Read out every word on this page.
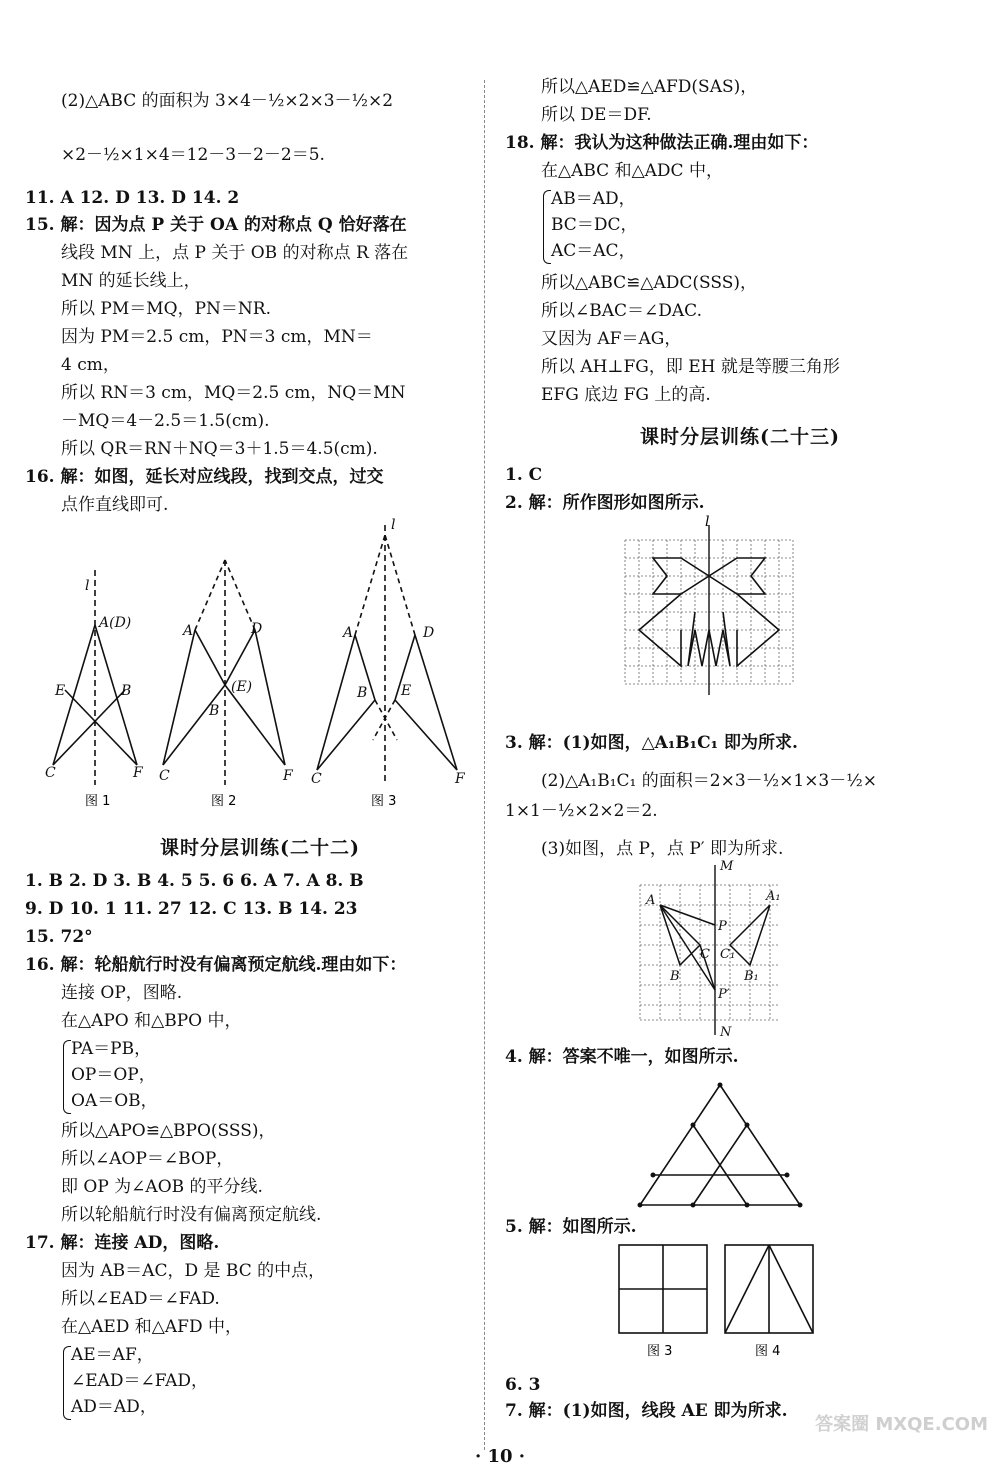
(2)△ABC 的面积为 3×4－½×2×3－½×2
×2－½×1×4＝12－3－2－2＝5.
11. A 12. D 13. D 14. 2
15. 解：因为点 P 关于 OA 的对称点 Q 恰好落在
线段 MN 上，点 P 关于 OB 的对称点 R 落在
MN 的延长线上，
所以 PM＝MQ，PN＝NR.
因为 PM＝2.5 cm，PN＝3 cm，MN＝
4 cm，
所以 RN＝3 cm，MQ＝2.5 cm，NQ＝MN
－MQ＝4－2.5＝1.5(cm).
所以 QR＝RN＋NQ＝3＋1.5＝4.5(cm).
16. 解：如图，延长对应线段，找到交点，过交
点作直线即可.
l
A(D)
E	B
C	F
A	D
(E)
B
C	F
l
A	D
B E
C	F
图 1	图 2	图 3
课时分层训练(二十二)
1. B 2. D 3. B 4. 5 5. 6 6. A 7. A 8. B
9. D 10. 1 11. 27 12. C 13. B 14. 23
15. 72°
16. 解：轮船航行时没有偏离预定航线.理由如下：
连接 OP，图略.
在△APO 和△BPO 中，
PA＝PB，
OP＝OP，
OA＝OB，
所以△APO≌△BPO(SSS)，
所以∠AOP＝∠BOP，
即 OP 为∠AOB 的平分线.
所以轮船航行时没有偏离预定航线.
17. 解：连接 AD，图略.
因为 AB＝AC，D 是 BC 的中点，
所以∠EAD＝∠FAD.
在△AED 和△AFD 中，
AE＝AF，
∠EAD＝∠FAD，
AD＝AD，
所以△AED≌△AFD(SAS)，
所以 DE＝DF.
18. 解：我认为这种做法正确.理由如下：
在△ABC 和△ADC 中，
AB＝AD，
BC＝DC，
AC＝AC，
所以△ABC≌△ADC(SSS)，
所以∠BAC＝∠DAC.
又因为 AF＝AG，
所以 AH⊥FG，即 EH 就是等腰三角形
EFG 底边 FG 上的高.
课时分层训练(二十三)
1. C
2. 解：所作图形如图所示.
l
3. 解：(1)如图，△A₁B₁C₁ 即为所求.
(2)△A₁B₁C₁ 的面积＝2×3－½×1×3－½×
1×1－½×2×2＝2.
(3)如图，点 P，点 P′ 即为所求.
M
N
A	A₁
P
C C₁
B	B₁
P′
4. 解：答案不唯一，如图所示.
5. 解：如图所示.
图 3	图 4
6. 3
7. 解：(1)如图，线段 AE 即为所求.
· 10 ·
答案圈 MXQE.COM
